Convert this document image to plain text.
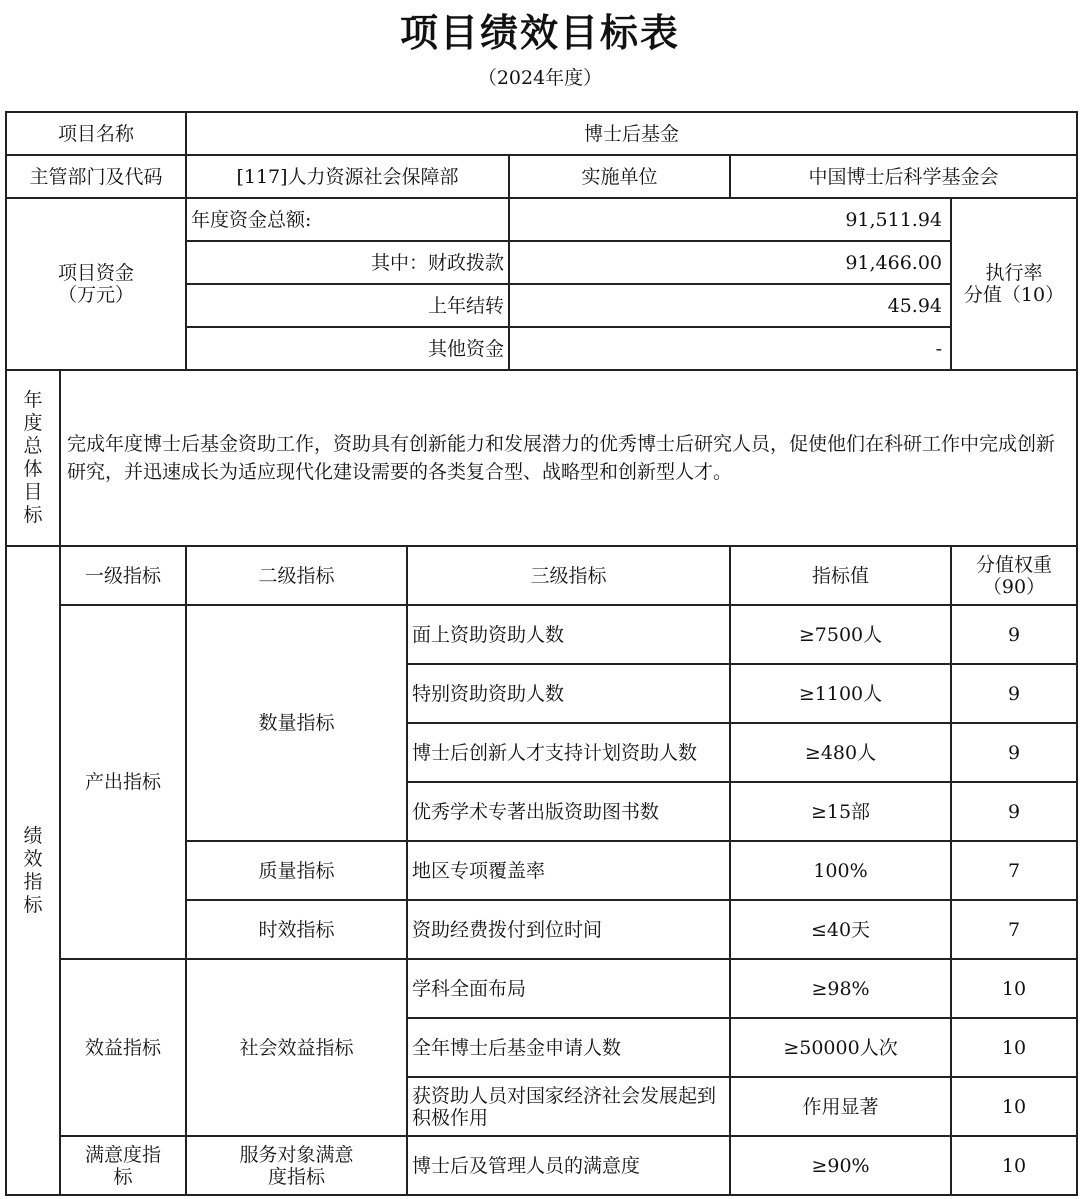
项目绩效目标表
（2024年度）
项目名称		博士后基金				
主管部门及代码		[117]人力资源社会保障部		实施单位	中国博士后科学基金会	
项目资金
（万元）		年度资金总额:		91,511.94		执行率
分值（10）
		其中：财政拨款		91,466.00		
		上年结转		45.94		
		其他资金		-		
年度总体目标	完成年度博士后基金资助工作，资助具有创新能力和发展潜力的优秀博士后研究人员，促使他们在科研工作中完成创新研究，并迅速成长为适应现代化建设需要的各类复合型、战略型和创新型人才。					
绩效指标	一级指标	二级指标	三级指标		指标值	分值权重
（90）
	产出指标	数量指标	面上资助资助人数		≥7500人	9
			特别资助资助人数		≥1100人	9
			博士后创新人才支持计划资助人数		≥480人	9
			优秀学术专著出版资助图书数		≥15部	9
		质量指标	地区专项覆盖率		100%	7
		时效指标	资助经费拨付到位时间		≤40天	7
	效益指标	社会效益指标	学科全面布局		≥98%	10
			全年博士后基金申请人数		≥50000人次	10
			获资助人员对国家经济社会发展起到积极作用		作用显著	10
	满意度指标	服务对象满意度指标	博士后及管理人员的满意度		≥90%	10
